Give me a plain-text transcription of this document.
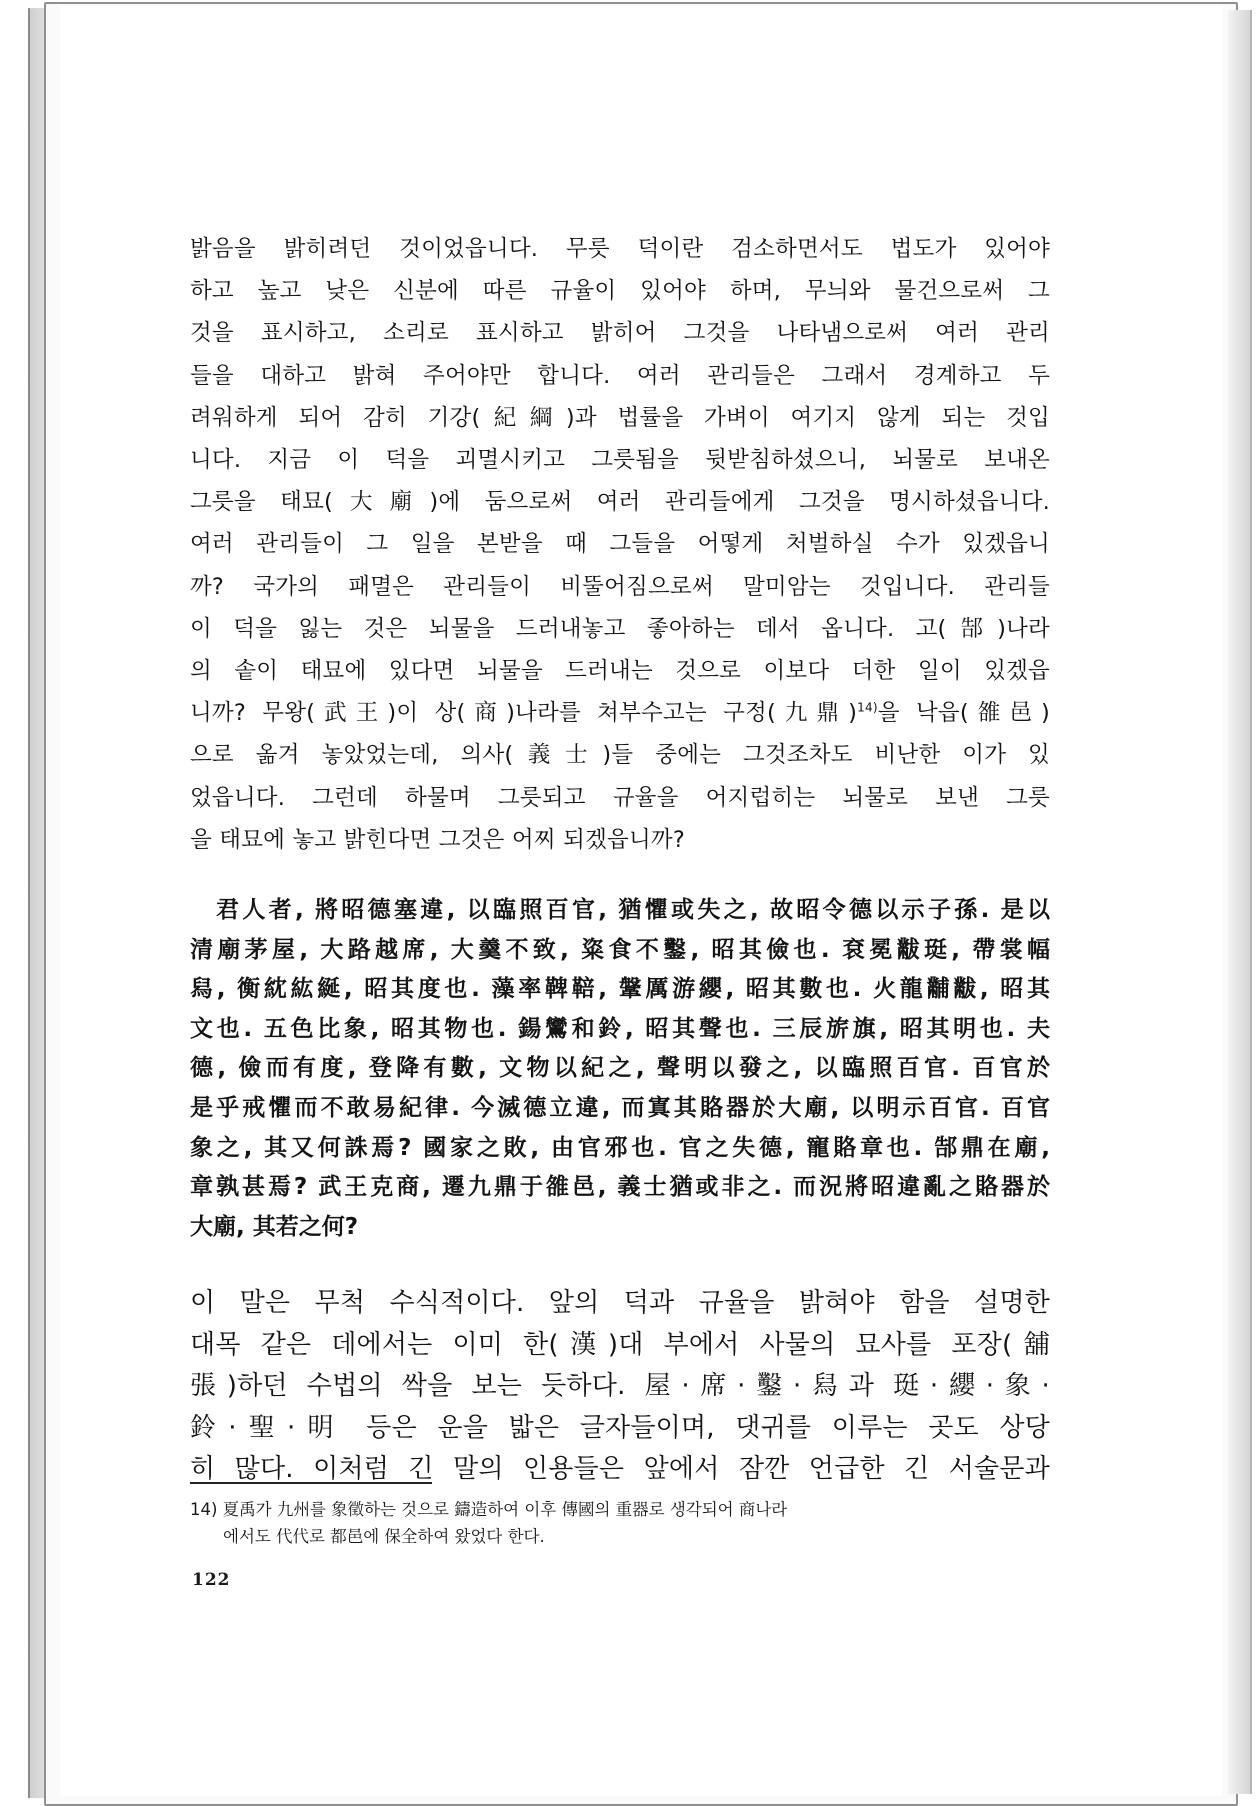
밝음을 밝히려던 것이었읍니다. 무릇 덕이란 검소하면서도 법도가 있어야

하고 높고 낮은 신분에 따른 규율이 있어야 하며, 무늬와 물건으로써 그

것을 표시하고, 소리로 표시하고 밝히어 그것을 나타냄으로써 여러 관리

들을 대하고 밝혀 주어야만 합니다. 여러 관리들은 그래서 경계하고 두

려워하게 되어 감히 기강(紀綱)과 법률을 가벼이 여기지 않게 되는 것입

니다. 지금 이 덕을 괴멸시키고 그릇됨을 뒷받침하셨으니, 뇌물로 보내온

그릇을 태묘(大廟)에 둠으로써 여러 관리들에게 그것을 명시하셨읍니다.

여러 관리들이 그 일을 본받을 때 그들을 어떻게 처벌하실 수가 있겠읍니

까? 국가의 패멸은 관리들이 비뚤어짐으로써 말미암는 것입니다. 관리들

이 덕을 잃는 것은 뇌물을 드러내놓고 좋아하는 데서 옵니다. 고(郜)나라

의 솥이 태묘에 있다면 뇌물을 드러내는 것으로 이보다 더한 일이 있겠읍

니까? 무왕(武王)이 상(商)나라를 쳐부수고는 구정(九鼎)$^{14)}$을 낙읍(雒邑)

으로 옮겨 놓았었는데, 의사(義士)들 중에는 그것조차도 비난한 이가 있

었읍니다. 그런데 하물며 그릇되고 규율을 어지럽히는 뇌물로 보낸 그릇

을 태묘에 놓고 밝힌다면 그것은 어찌 되겠읍니까?

君人者, 將昭德塞違, 以臨照百官, 猶懼或失之, 故昭令德以示子孫. 是以

清廟茅屋, 大路越席, 大羹不致, 粢食不鑿, 昭其儉也. 袞冕黻珽, 帶裳幅

舄, 衡紞紘綖, 昭其度也. 藻率鞞鞛, 鞶厲游纓, 昭其數也. 火龍黼黻, 昭其

文也. 五色比象, 昭其物也. 鍚鸞和鈴, 昭其聲也. 三辰旂旗, 昭其明也. 夫

德, 儉而有度, 登降有數, 文物以紀之, 聲明以發之, 以臨照百官. 百官於

是乎戒懼而不敢易紀律. 今滅德立違, 而寘其賂器於大廟, 以明示百官. 百官

象之, 其又何誅焉? 國家之敗, 由官邪也. 官之失德, 寵賂章也. 郜鼎在廟,

章孰甚焉? 武王克商, 遷九鼎于雒邑, 義士猶或非之. 而況將昭違亂之賂器於

大廟, 其若之何?

이 말은 무척 수식적이다. 앞의 덕과 규율을 밝혀야 함을 설명한

대목 같은 데에서는 이미 한(漢)대 부에서 사물의 묘사를 포장(舖

張)하던 수법의 싹을 보는 듯하다. 屋·席·鑿·舄과 珽·纓·象·

鈴·聖·明 등은 운을 밟은 글자들이며, 댓귀를 이루는 곳도 상당

히 많다. 이처럼 긴 말의 인용들은 앞에서 잠깐 언급한 긴 서술문과

14) 夏禹가 九州를 象徵하는 것으로 鑄造하여 이후 傳國의 重器로 생각되어 商나라

에서도 代代로 都邑에 保全하여 왔었다 한다.

122
